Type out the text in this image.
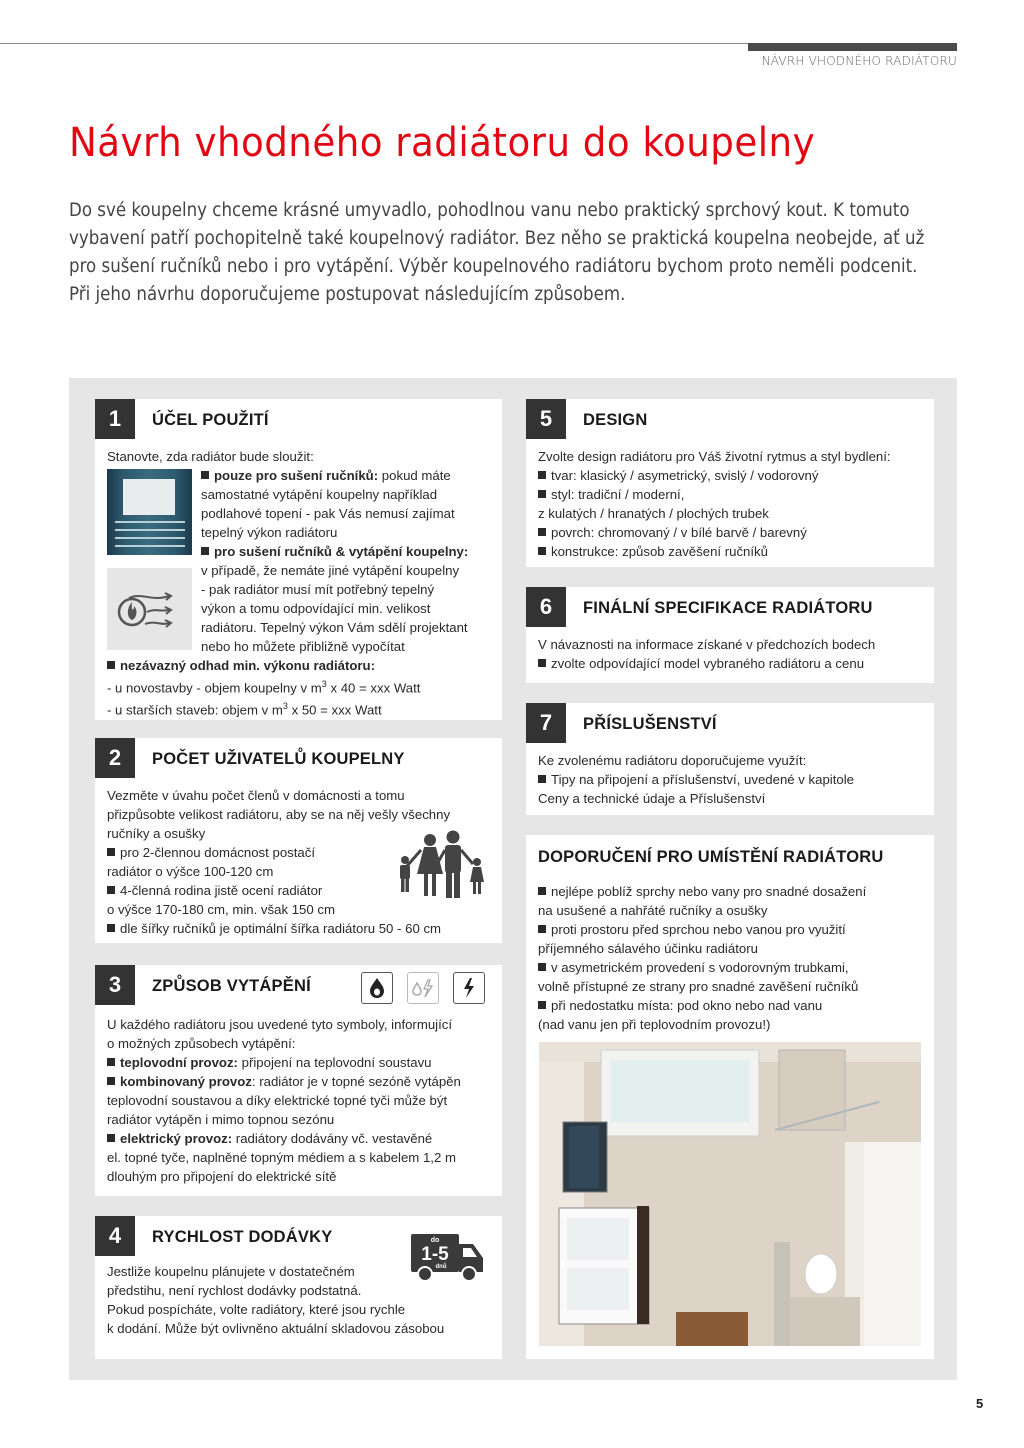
NÁVRH VHODNÉHO RADIÁTORU
Návrh vhodného radiátoru do koupelny

Do své koupelny chceme krásné umyvadlo, pohodlnou vanu nebo praktický sprchový kout. K tomuto

vybavení patří pochopitelně také koupelnový radiátor. Bez něho se praktická koupelna neobejde, ať už

pro sušení ručníků nebo i pro vytápění. Výběr koupelnového radiátoru bychom proto neměli podcenit.

Při jeho návrhu doporučujeme postupovat následujícím způsobem.

1	ÚČEL POUŽITÍ
Stanovte, zda radiátor bude sloužit:
pouze pro sušení ručníků: pokud máte
samostatné vytápění koupelny například
podlahové topení - pak Vás nemusí zajímat
tepelný výkon radiátoru
pro sušení ručníků & vytápění koupelny:
v případě, že nemáte jiné vytápění koupelny
- pak radiátor musí mít potřebný tepelný
výkon a tomu odpovídající min. velikost
radiátoru. Tepelný výkon Vám sdělí projektant
nebo ho můžete přibližně vypočítat
nezávazný odhad min. výkonu radiátoru:
- u novostavby - objem koupelny v $m^3$ x 40 = xxx Watt
- u starších staveb: objem v $m^3$ x 50 = xxx Watt
2	POČET UŽIVATELŮ KOUPELNY
Vezměte v úvahu počet členů v domácnosti a tomu
přizpůsobte velikost radiátoru, aby se na něj vešly všechny
ručníky a osušky
pro 2-člennou domácnost postačí
radiátor o výšce 100-120 cm
4-členná rodina jistě ocení radiátor
o výšce 170-180 cm, min. však 150 cm
dle šířky ručníků je optimální šířka radiátoru 50 - 60 cm
3	ZPŮSOB VYTÁPĚNÍ
U každého radiátoru jsou uvedené tyto symboly, informující
o možných způsobech vytápění:
teplovodní provoz: připojení na teplovodní soustavu
kombinovaný provoz: radiátor je v topné sezóně vytápěn
teplovodní soustavou a díky elektrické topné tyči může být
radiátor vytápěn i mimo topnou sezónu
elektrický provoz: radiátory dodávány vč. vestavěné
el. topné tyče, naplněné topným médiem a s kabelem 1,2 m
dlouhým pro připojení do elektrické sítě
4	RYCHLOST DODÁVKY	do
1-5
dnů
Jestliže koupelnu plánujete v dostatečném
předstihu, není rychlost dodávky podstatná.
Pokud pospícháte, volte radiátory, které jsou rychle
k dodání. Může být ovlivněno aktuální skladovou zásobou
5	DESIGN
Zvolte design radiátoru pro Váš životní rytmus a styl bydlení:
tvar: klasický / asymetrický, svislý / vodorovný
styl: tradiční / moderní,
z kulatých / hranatých / plochých trubek
povrch: chromovaný / v bílé barvě / barevný
konstrukce: způsob zavěšení ručníků
6	FINÁLNÍ SPECIFIKACE RADIÁTORU
V návaznosti na informace získané v předchozích bodech
zvolte odpovídající model vybraného radiátoru a cenu
7	PŘÍSLUŠENSTVÍ
Ke zvolenému radiátoru doporučujeme využít:
Tipy na připojení a příslušenství, uvedené v kapitole
Ceny a technické údaje a Příslušenství
DOPORUČENÍ PRO UMÍSTĚNÍ RADIÁTORU
nejlépe poblíž sprchy nebo vany pro snadné dosažení
na usušené a nahřáté ručníky a osušky
proti prostoru před sprchou nebo vanou pro využití
příjemného sálavého účinku radiátoru
v asymetrickém provedení s vodorovným trubkami,
volně přístupné ze strany pro snadné zavěšení ručníků
při nedostatku místa: pod okno nebo nad vanu
(nad vanu jen při teplovodním provozu!)
5
